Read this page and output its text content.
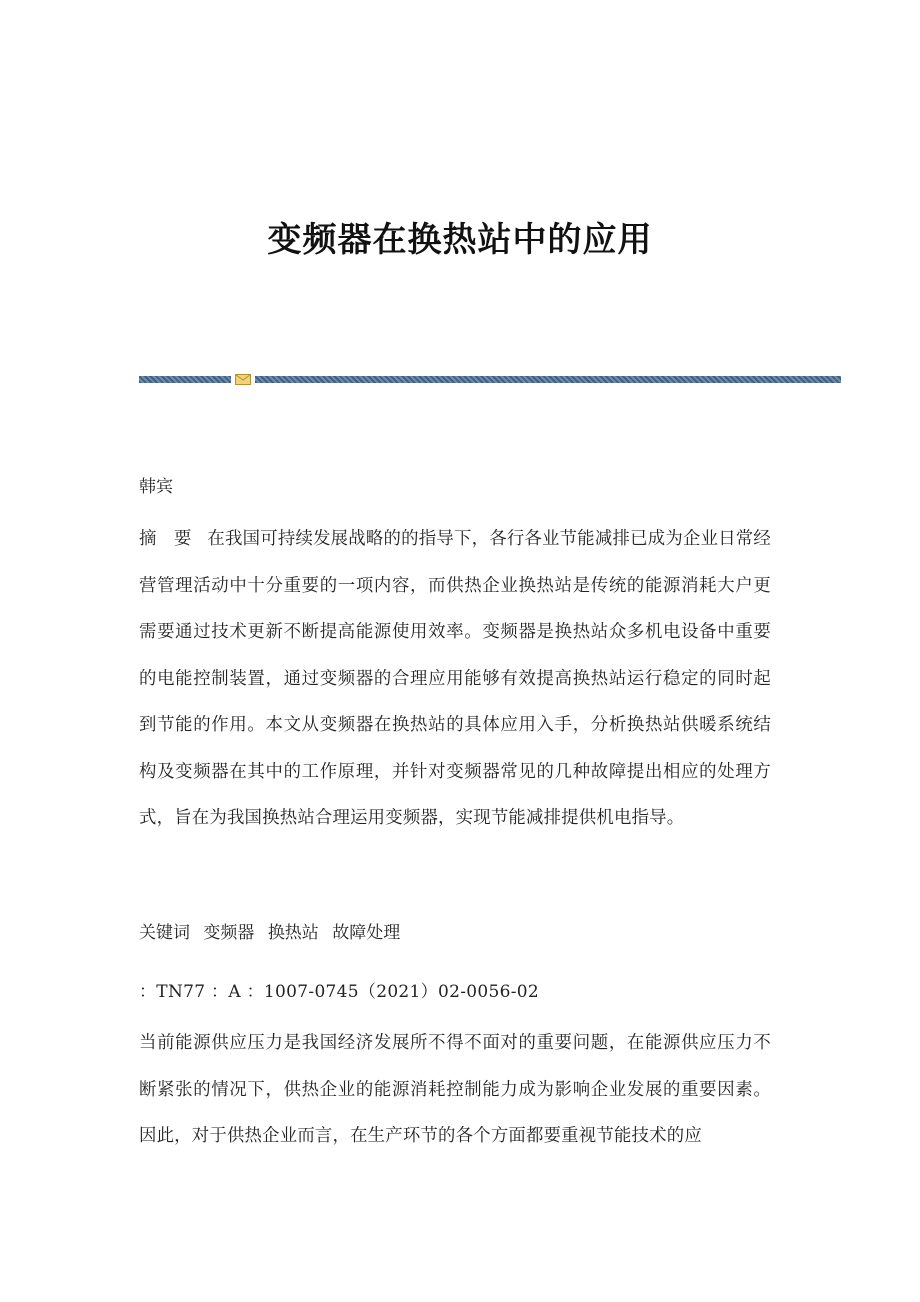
变频器在换热站中的应用
韩宾

摘 要 在我国可持续发展战略的的指导下，各行各业节能减排已成为企业日常经营管理活动中十分重要的一项内容，而供热企业换热站是传统的能源消耗大户更需要通过技术更新不断提高能源使用效率。变频器是换热站众多机电设备中重要的电能控制装置，通过变频器的合理应用能够有效提高换热站运行稳定的同时起到节能的作用。本文从变频器在换热站的具体应用入手，分析换热站供暖系统结构及变频器在其中的工作原理，并针对变频器常见的几种故障提出相应的处理方式，旨在为我国换热站合理运用变频器，实现节能减排提供机电指导。

关键词 变频器 换热站 故障处理
：TN77 ：A ：1007-0745（2021）02-0056-02

当前能源供应压力是我国经济发展所不得不面对的重要问题，在能源供应压力不断紧张的情况下，供热企业的能源消耗控制能力成为影响企业发展的重要因素。因此，对于供热企业而言，在生产环节的各个方面都要重视节能技术的应
